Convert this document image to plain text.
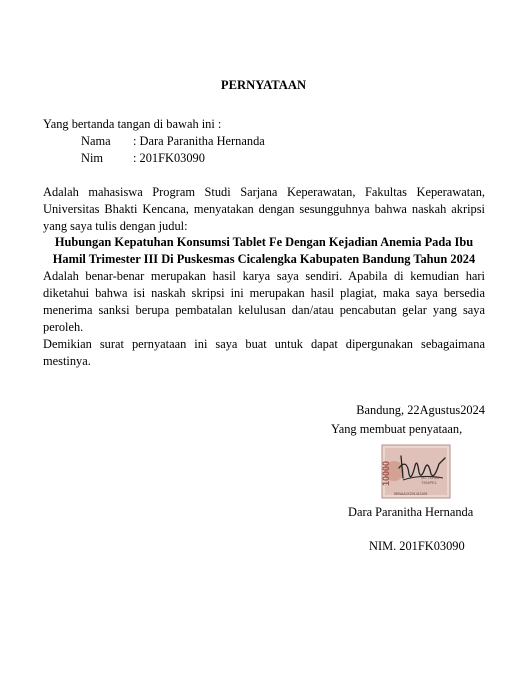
PERNYATAAN
Yang bertanda tangan di bawah ini :
Nama : Dara Paranitha Hernanda
Nim : 201FK03090
Adalah mahasiswa Program Studi Sarjana Keperawatan, Fakultas Keperawatan, Universitas Bhakti Kencana, menyatakan dengan sesungguhnya bahwa naskah akripsi yang saya tulis dengan judul:
Hubungan Kepatuhan Konsumsi Tablet Fe Dengan Kejadian Anemia Pada Ibu Hamil Trimester III Di Puskesmas Cicalengka Kabupaten Bandung Tahun 2024
Adalah benar-benar merupakan hasil karya saya sendiri. Apabila di kemudian hari diketahui bahwa isi naskah skripsi ini merupakan hasil plagiat, maka saya bersedia menerima sanksi berupa pembatalan kelulusan dan/atau pencabutan gelar yang saya peroleh.
Demikian surat pernyataan ini saya buat untuk dapat dipergunakan sebagaimana mestinya.
Bandung, 22Agustus2024
Yang membuat penyataan,
10000	METERAI
TEMPEL
5EBAAJX201411109
Dara Paranitha Hernanda
NIM. 201FK03090
